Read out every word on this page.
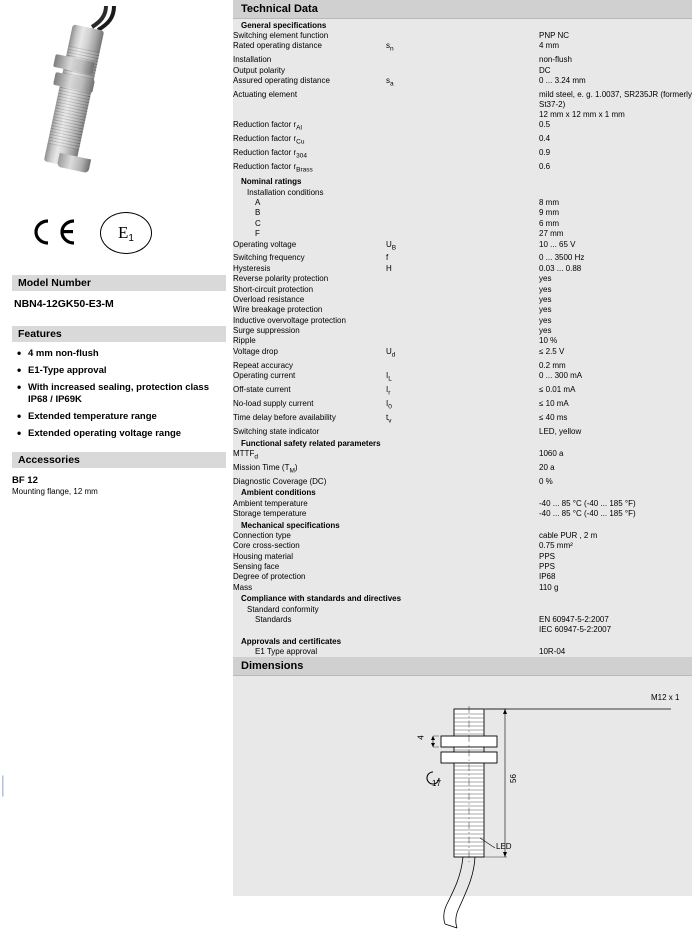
E1
Model Number
NBN4-12GK50-E3-M
Features
• 4 mm non-flush
• E1-Type approval
• With increased sealing, protection class IP68 / IP69K
• Extended temperature range
• Extended operating voltage range
Accessories
BF 12
Mounting flange, 12 mm
|
|
|
Technical Data
General specifications		
Switching element function		PNP NC
Rated operating distance	$s_n$	4 mm
Installation		non-flush
Output polarity		DC
Assured operating distance	$s_a$	0 ... 3.24 mm
Actuating element		mild steel, e. g. 1.0037, SR235JR (formerly St37-2)
		12 mm x 12 mm x 1 mm
Reduction factor $r_{Al}$		0.5
Reduction factor $r_{Cu}$		0.4
Reduction factor $r_{304}$		0.9
Reduction factor $r_{Brass}$		0.6
Nominal ratings		
Installation conditions		
A		8 mm
B		9 mm
C		6 mm
F		27 mm
Operating voltage	$U_B$	10 ... 65 V
Switching frequency	f	0 ... 3500 Hz
Hysteresis	H	0.03 ... 0.88
Reverse polarity protection		yes
Short-circuit protection		yes
Overload resistance		yes
Wire breakage protection		yes
Inductive overvoltage protection		yes
Surge suppression		yes
Ripple		10 %
Voltage drop	$U_d$	≤ 2.5 V
Repeat accuracy		0.2 mm
Operating current	$I_L$	0 ... 300 mA
Off-state current	$I_r$	≤ 0.01 mA
No-load supply current	$I_0$	≤ 10 mA
Time delay before availability	$t_v$	≤ 40 ms
Switching state indicator		LED, yellow
Functional safety related parameters		
$MTTF_d$		1060 a
Mission Time $(T_M)$		20 a
Diagnostic Coverage (DC)		0 %
Ambient conditions		
Ambient temperature		-40 ... 85 °C (-40 ... 185 °F)
Storage temperature		-40 ... 85 °C (-40 ... 185 °F)
Mechanical specifications		
Connection type		cable PUR , 2 m
Core cross-section		0.75 mm²
Housing material		PPS
Sensing face		PPS
Degree of protection		IP68
Mass		110 g
Compliance with standards and directives		
Standard conformity		
Standards		EN 60947-5-2:2007
		IEC 60947-5-2:2007
Approvals and certificates		
E1 Type approval		10R-04
Dimensions
M12 x 1
4
17
56
LED
